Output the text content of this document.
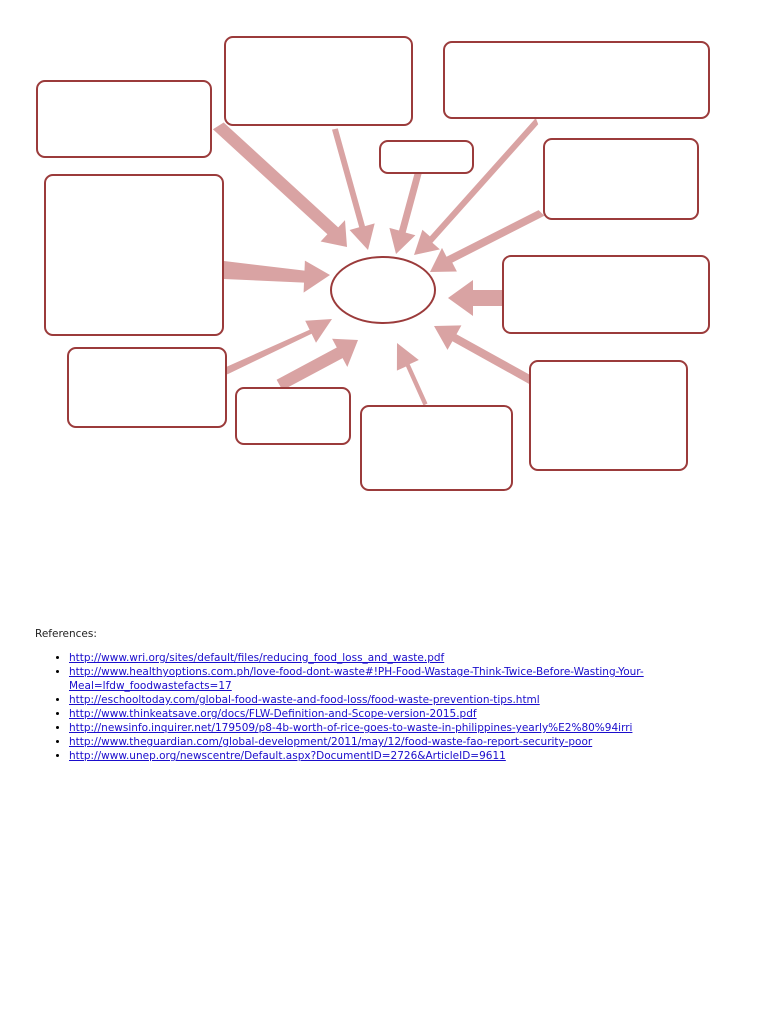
References:

• http://www.wri.org/sites/default/files/reducing_food_loss_and_waste.pdf
• http://www.healthyoptions.com.ph/love-food-dont-waste#!PH-Food-Wastage-Think-Twice-Before-Wasting-Your-Meal=lfdw_foodwastefacts=17
• http://eschooltoday.com/global-food-waste-and-food-loss/food-waste-prevention-tips.html
• http://www.thinkeatsave.org/docs/FLW-Definition-and-Scope-version-2015.pdf
• http://newsinfo.inquirer.net/179509/p8-4b-worth-of-rice-goes-to-waste-in-philippines-yearly%E2%80%94irri
• http://www.theguardian.com/global-development/2011/may/12/food-waste-fao-report-security-poor
• http://www.unep.org/newscentre/Default.aspx?DocumentID=2726&ArticleID=9611
